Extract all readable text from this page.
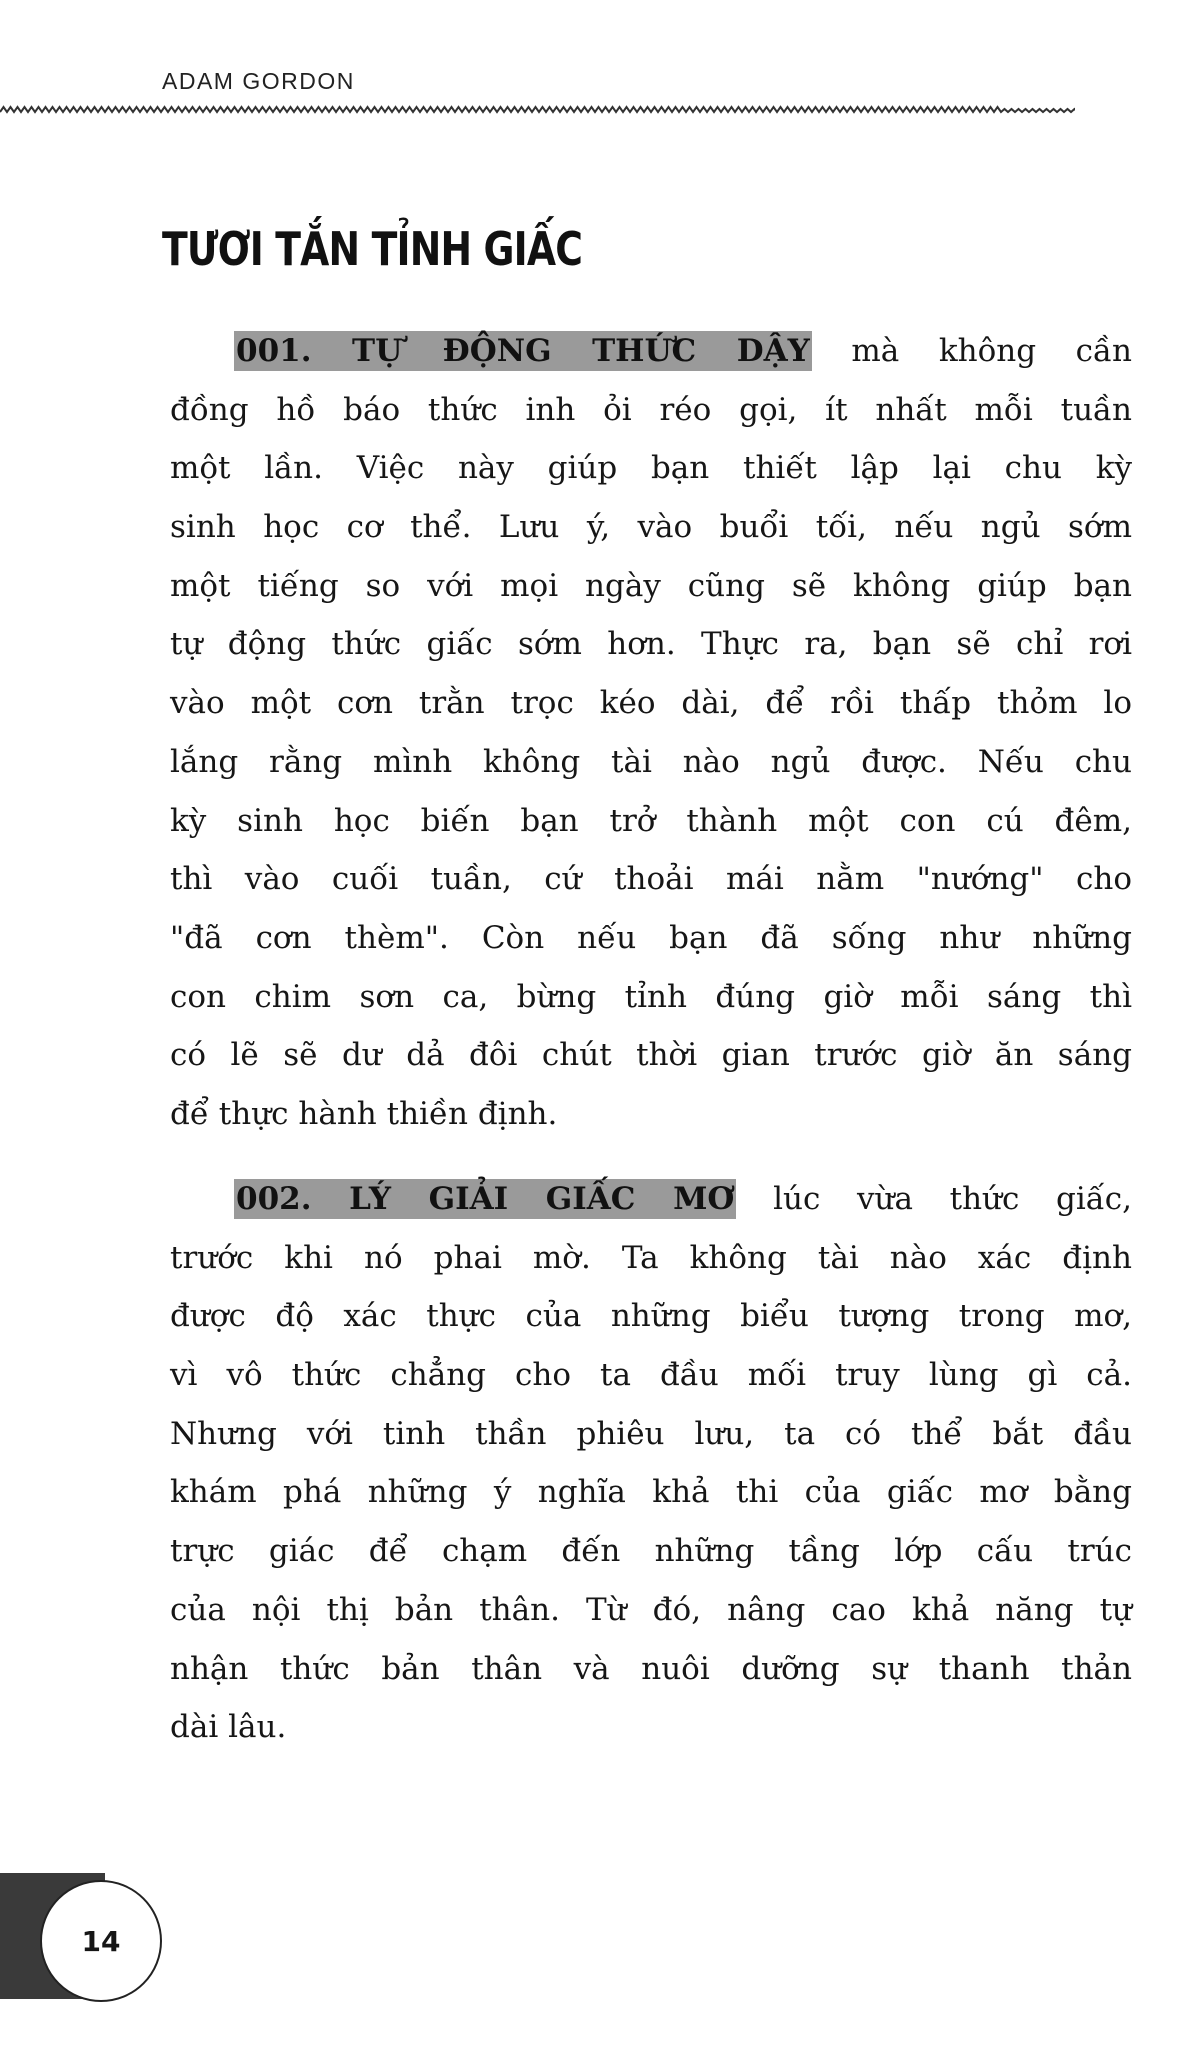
ADAM GORDON
TƯƠI TẮN TỈNH GIẤC
001. TỰ ĐỘNG THỨC DẬY mà không cần
đồng hồ báo thức inh ỏi réo gọi, ít nhất mỗi tuần
một lần. Việc này giúp bạn thiết lập lại chu kỳ
sinh học cơ thể. Lưu ý, vào buổi tối, nếu ngủ sớm
một tiếng so với mọi ngày cũng sẽ không giúp bạn
tự động thức giấc sớm hơn. Thực ra, bạn sẽ chỉ rơi
vào một cơn trằn trọc kéo dài, để rồi thấp thỏm lo
lắng rằng mình không tài nào ngủ được. Nếu chu
kỳ sinh học biến bạn trở thành một con cú đêm,
thì vào cuối tuần, cứ thoải mái nằm "nướng" cho
"đã cơn thèm". Còn nếu bạn đã sống như những
con chim sơn ca, bừng tỉnh đúng giờ mỗi sáng thì
có lẽ sẽ dư dả đôi chút thời gian trước giờ ăn sáng
để thực hành thiền định.
002. LÝ GIẢI GIẤC MƠ lúc vừa thức giấc,
trước khi nó phai mờ. Ta không tài nào xác định
được độ xác thực của những biểu tượng trong mơ,
vì vô thức chẳng cho ta đầu mối truy lùng gì cả.
Nhưng với tinh thần phiêu lưu, ta có thể bắt đầu
khám phá những ý nghĩa khả thi của giấc mơ bằng
trực giác để chạm đến những tầng lớp cấu trúc
của nội thị bản thân. Từ đó, nâng cao khả năng tự
nhận thức bản thân và nuôi dưỡng sự thanh thản
dài lâu.
14
